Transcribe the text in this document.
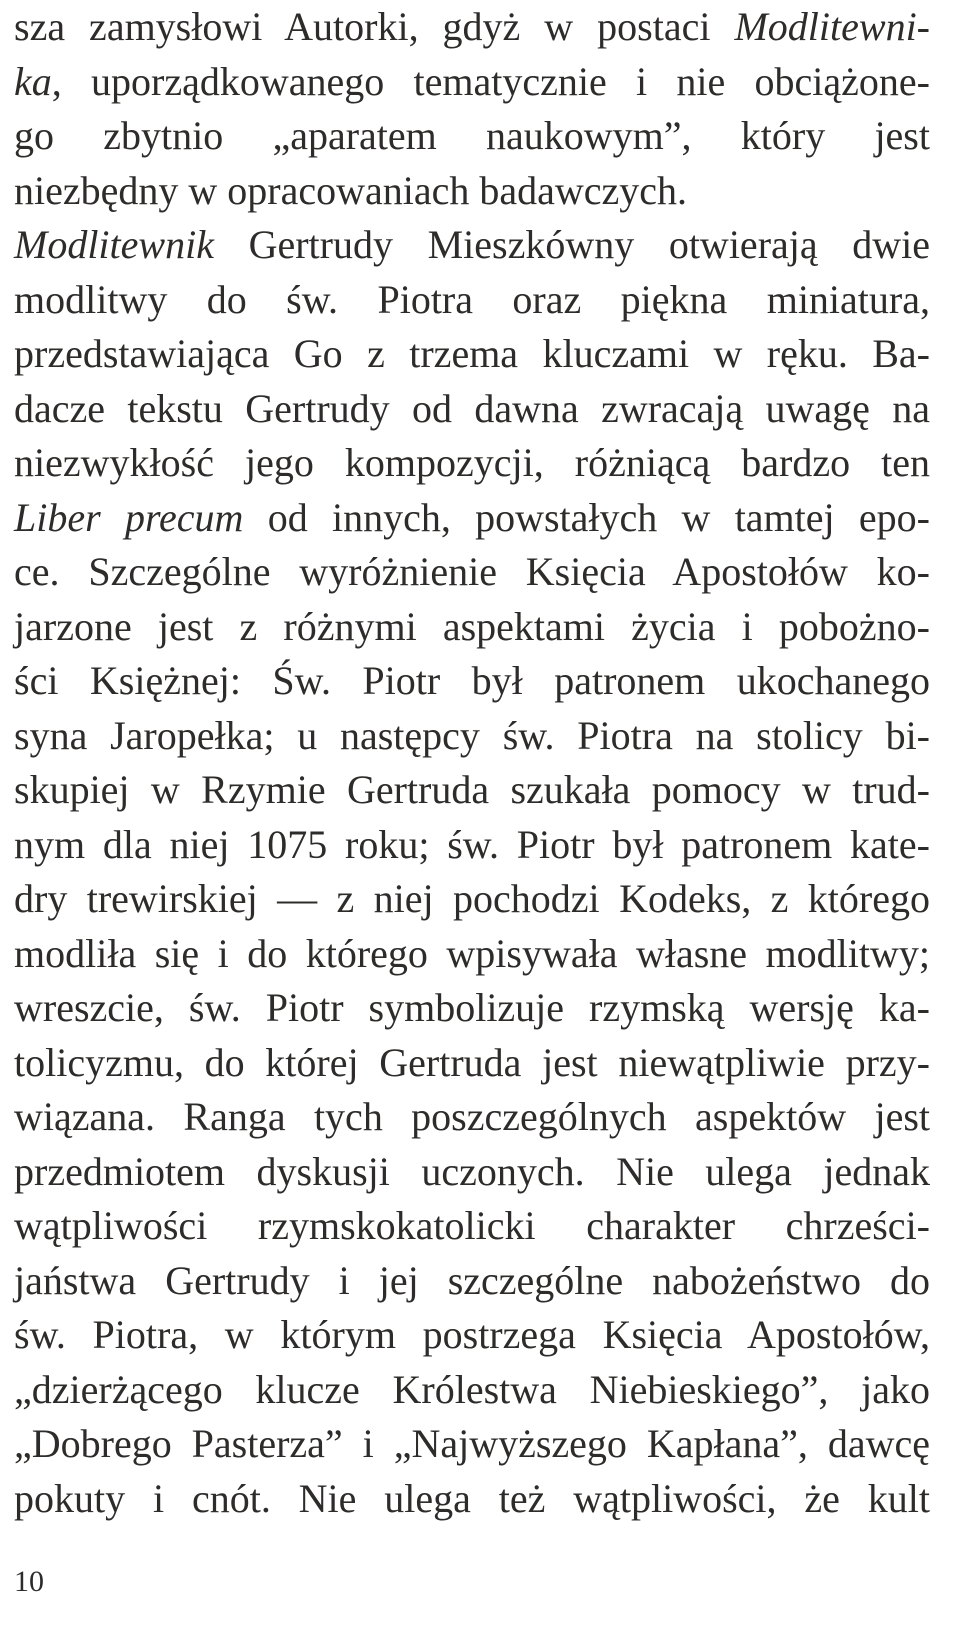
sza zamysłowi Autorki, gdyż w postaci Modlitewni-
ka, uporządkowanego tematycznie i nie obciążone-
go zbytnio „aparatem naukowym”, który jest
niezbędny w opracowaniach badawczych.
Modlitewnik Gertrudy Mieszkówny otwierają dwie
modlitwy do św. Piotra oraz piękna miniatura,
przedstawiająca Go z trzema kluczami w ręku. Ba-
dacze tekstu Gertrudy od dawna zwracają uwagę na
niezwykłość jego kompozycji, różniącą bardzo ten
Liber precum od innych, powstałych w tamtej epo-
ce. Szczególne wyróżnienie Księcia Apostołów ko-
jarzone jest z różnymi aspektami życia i pobożno-
ści Księżnej: Św. Piotr był patronem ukochanego
syna Jaropełka; u następcy św. Piotra na stolicy bi-
skupiej w Rzymie Gertruda szukała pomocy w trud-
nym dla niej 1075 roku; św. Piotr był patronem kate-
dry trewirskiej — z niej pochodzi Kodeks, z którego
modliła się i do którego wpisywała własne modlitwy;
wreszcie, św. Piotr symbolizuje rzymską wersję ka-
tolicyzmu, do której Gertruda jest niewątpliwie przy-
wiązana. Ranga tych poszczególnych aspektów jest
przedmiotem dyskusji uczonych. Nie ulega jednak
wątpliwości rzymskokatolicki charakter chrześci-
jaństwa Gertrudy i jej szczególne nabożeństwo do
św. Piotra, w którym postrzega Księcia Apostołów,
„dzierżącego klucze Królestwa Niebieskiego”, jako
„Dobrego Pasterza” i „Najwyższego Kapłana”, dawcę
pokuty i cnót. Nie ulega też wątpliwości, że kult
10
